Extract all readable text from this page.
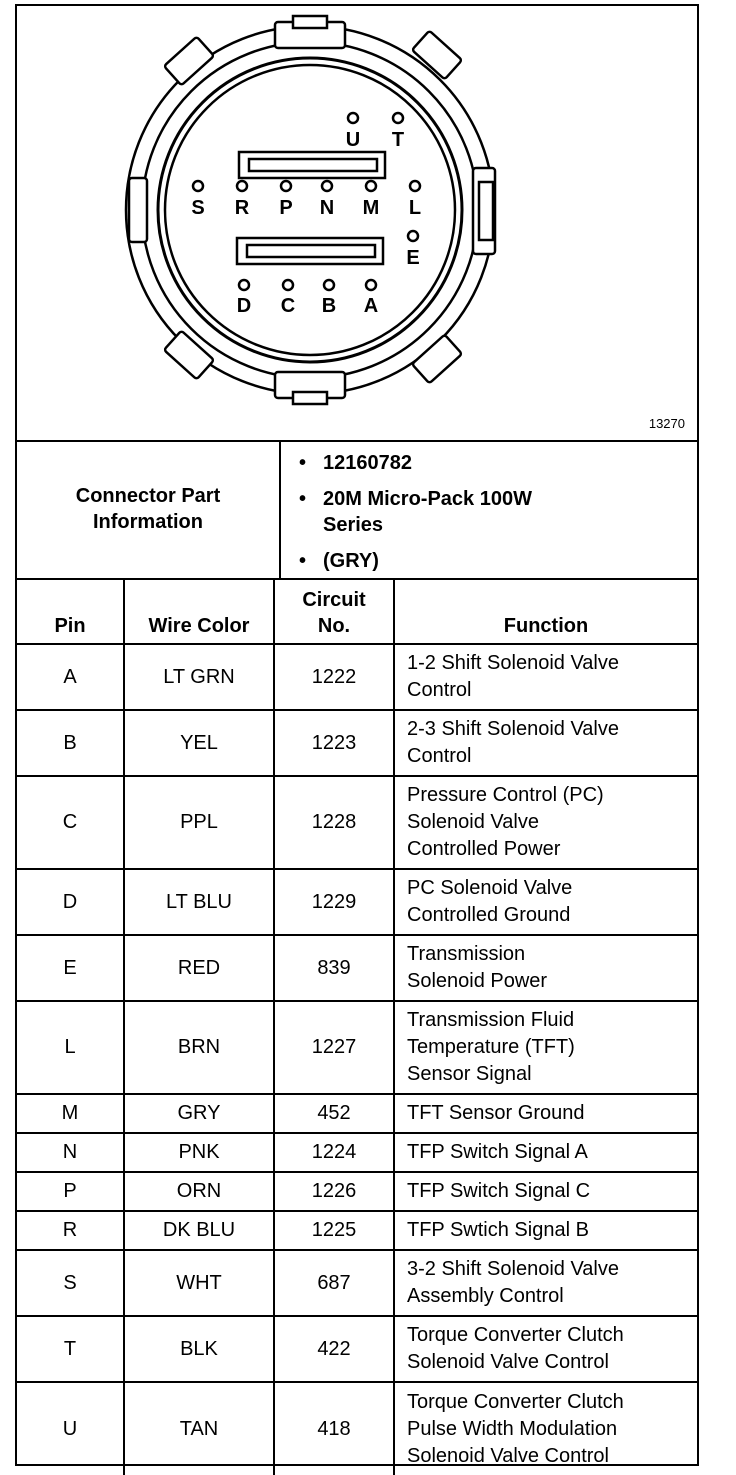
U T
S R P N M L
E
D C B A
13270
Connector Part Information
• 12160782
• 20M Micro-Pack 100W
Series
• (GRY)
Pin	Wire Color	Circuit
No.	Function
A	LT GRN	1222	1-2 Shift Solenoid Valve
Control
B	YEL	1223	2-3 Shift Solenoid Valve
Control
C	PPL	1228	Pressure Control (PC)
Solenoid Valve
Controlled Power
D	LT BLU	1229	PC Solenoid Valve
Controlled Ground
E	RED	839	Transmission
Solenoid Power
L	BRN	1227	Transmission Fluid
Temperature (TFT)
Sensor Signal
M	GRY	452	TFT Sensor Ground
N	PNK	1224	TFP Switch Signal A
P	ORN	1226	TFP Switch Signal C
R	DK BLU	1225	TFP Swtich Signal B
S	WHT	687	3-2 Shift Solenoid Valve
Assembly Control
T	BLK	422	Torque Converter Clutch
Solenoid Valve Control
U	TAN	418	Torque Converter Clutch
Pulse Width Modulation
Solenoid Valve Control
